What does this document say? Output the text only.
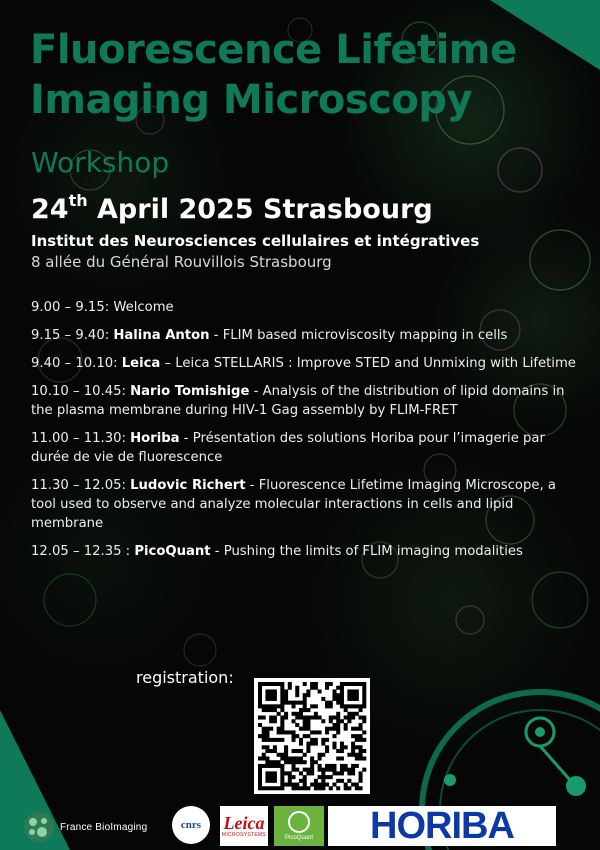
Fluorescence Lifetime
Imaging Microscopy

Workshop

24th April 2025 Strasbourg
Institut des Neurosciences cellulaires et intégratives
8 allée du Général Rouvillois Strasbourg
9.00 – 9.15: Welcome
9.15 – 9.40: Halina Anton - FLIM based microviscosity mapping in cells
9.40 – 10.10: Leica – Leica STELLARIS : Improve STED and Unmixing with Lifetime
10.10 – 10.45: Nario Tomishige - Analysis of the distribution of lipid domains in the plasma membrane during HIV-1 Gag assembly by FLIM-FRET
11.00 – 11.30: Horiba - Présentation des solutions Horiba pour l’imagerie par durée de vie de fluorescence
11.30 – 12.05: Ludovic Richert - Fluorescence Lifetime Imaging Microscope, a tool used to observe and analyze molecular interactions in cells and lipid membrane
12.05 – 12.35 : PicoQuant - Pushing the limits of FLIM imaging modalities
registration:
France BioImaging	cnrs Leica
MICROSYSTEMS	PicoQuant	HORIBA
